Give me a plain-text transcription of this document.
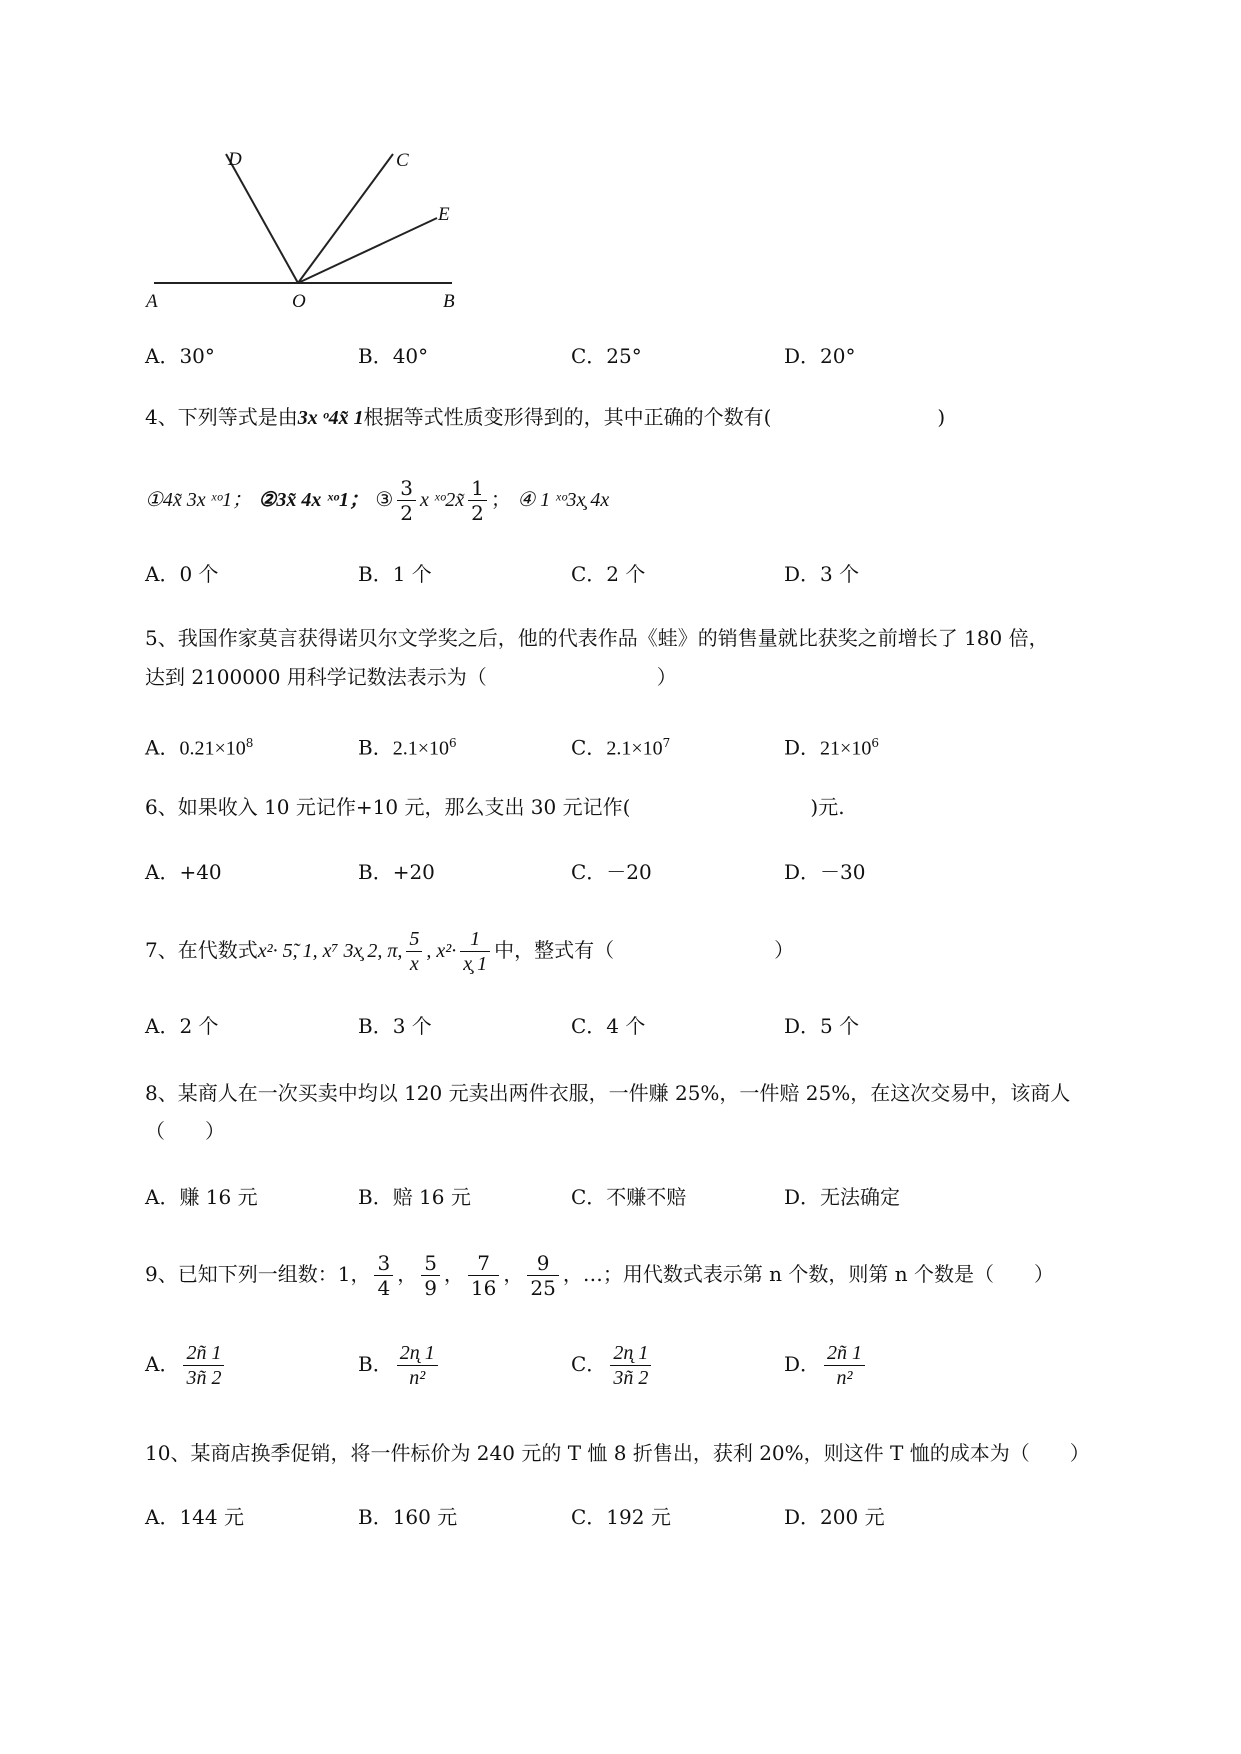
A	O	B
D	C
E
A．30°	B．40°	C．25°	D．20°
4、下列等式是由3x ᵒ4x̃ 1根据等式性质变形得到的，其中正确的个数有(	)
①4x̃ 3x ˣᵒ1； ②3x̃ 4x ˣᵒ1； ③ $\frac{3}{2}$ x ˣᵒ2x̃ $\frac{1}{2}$ ； ④ 1 ˣᵒ3x̧ 4x
A．0 个	B．1 个	C．2 个	D．3 个
5、我国作家莫言获得诺贝尔文学奖之后，他的代表作品《蛙》的销售量就比获奖之前增长了 180 倍，
达到 2100000 用科学记数法表示为（	）
A．$0.21\times 10^8$	B．$2.1\times 10^6$	C．$2.1\times 10^7$	D．$21\times 10^6$
6、如果收入 10 元记作+10 元，那么支出 30 元记作(	)元.
A．+40	B．+20	C．－20	D．－30
7、在代数式x²· 5̃, 1, x⁷ 3x̧ 2, π, $\frac{5}{x}$ , $x^2\cdot \frac{1}{x̧ 1}$ 中，整式有（	）
A．2 个	B．3 个	C．4 个	D．5 个
8、某商人在一次买卖中均以 120 元卖出两件衣服，一件赚 25%，一件赔 25%，在这次交易中，该商人
（　　）
A．赚 16 元	B．赔 16 元	C．不赚不赔	D．无法确定
9、已知下列一组数：1， $\frac{3}{4}$ ， $\frac{5}{9}$ ， $\frac{7}{16}$ ， $\frac{9}{25}$ ，…；用代数式表示第 n 个数，则第 n 个数是（　　）
A． $\frac{2ñ 1}{3ñ 2}$	B． $\frac{2n̨ 1}{\text{n²}}$	C． $\frac{2n̨ 1}{3ñ 2}$	D． $\frac{2ñ 1}{\text{n²}}$
10、某商店换季促销，将一件标价为 240 元的 T 恤 8 折售出，获利 20%，则这件 T 恤的成本为（　　）
A．144 元	B．160 元	C．192 元	D．200 元
